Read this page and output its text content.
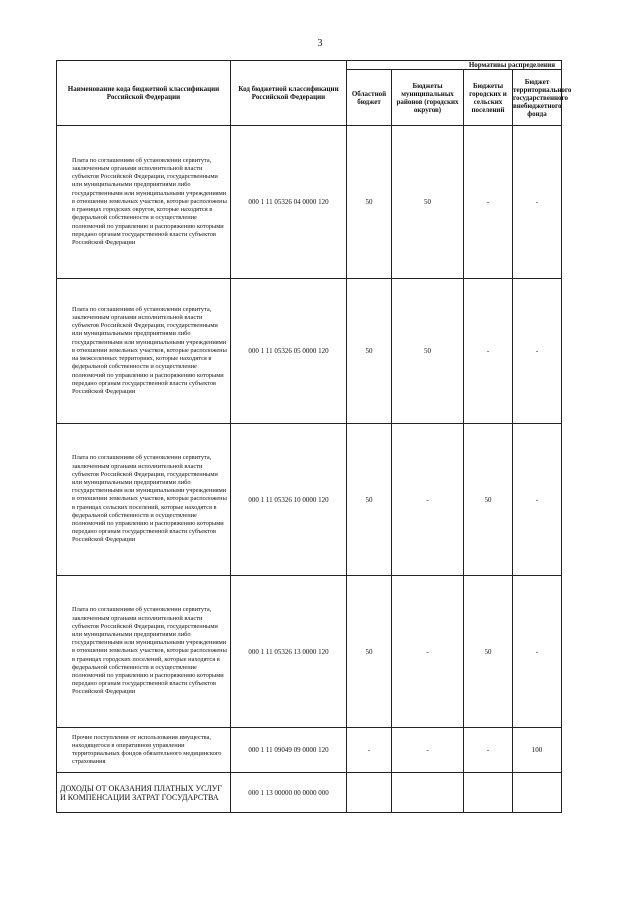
3
Наименование кода бюджетной классификации Российской Федерации	Код бюджетной классификации Российской Федерации	Нормативы распределения			
		Областной бюджет	Бюджеты муниципальных районов (городских округов)	Бюджеты городских и сельских поселений	Бюджет территориального государственного внебюджетного фонда
Плата по соглашениям об установлении сервитута, заключенным органами исполнительной власти субъектов Российской Федерации, государственными или муниципальными предприятиями либо государственными или муниципальными учреждениями в отношении земельных участков, которые расположены в границах городских округов, которые находятся в федеральной собственности и осуществление полномочий по управлению и распоряжению которыми передано органам государственной власти субъектов Российской Федерации	000 1 11 05326 04 0000 120	50	50	-	-
Плата по соглашениям об установлении сервитута, заключенным органами исполнительной власти субъектов Российской Федерации, государственными или муниципальными предприятиями либо государственными или муниципальными учреждениями в отношении земельных участков, которые расположены на межселенных территориях, которые находятся в федеральной собственности и осуществление полномочий по управлению и распоряжению которыми передано органам государственной власти субъектов Российской Федерации	000 1 11 05326 05 0000 120	50	50	-	-
Плата по соглашениям об установлении сервитута, заключенным органами исполнительной власти субъектов Российской Федерации, государственными или муниципальными предприятиями либо государственными или муниципальными учреждениями в отношении земельных участков, которые расположены в границах сельских поселений, которые находятся в федеральной собственности и осуществление полномочий по управлению и распоряжению которыми передано органам государственной власти субъектов Российской Федерации	000 1 11 05326 10 0000 120	50	-	50	-
Плата по соглашениям об установлении сервитута, заключенным органами исполнительной власти субъектов Российской Федерации, государственными или муниципальными предприятиями либо государственными или муниципальными учреждениями в отношении земельных участков, которые расположены в границах городских поселений, которые находятся в федеральной собственности и осуществление полномочий по управлению и распоряжению которыми передано органам государственной власти субъектов Российской Федерации	000 1 11 05326 13 0000 120	50	-	50	-
Прочие поступления от использования имущества, находящегося в оперативном управлении территориальных фондов обязательного медицинского страхования	000 1 11 09049 09 0000 120	-	-	-	100
ДОХОДЫ ОТ ОКАЗАНИЯ ПЛАТНЫХ УСЛУГ И КОМПЕНСАЦИИ ЗАТРАТ ГОСУДАРСТВА	000 1 13 00000 00 0000 000				
